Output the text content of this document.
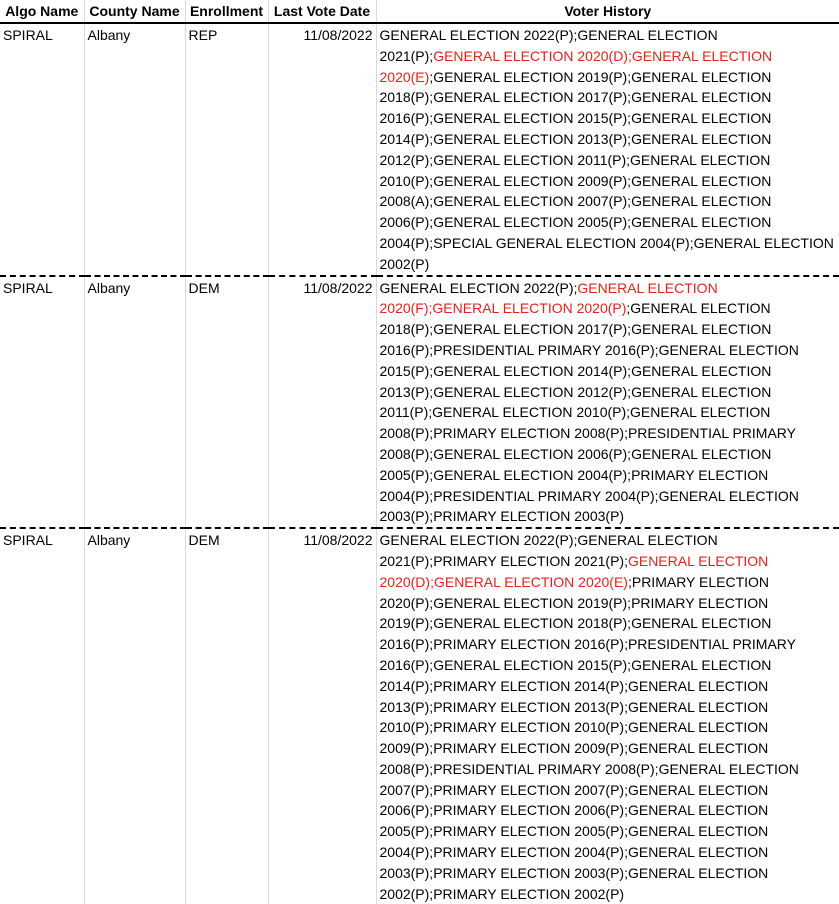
Algo Name	County Name	Enrollment	Last Vote Date	Voter History
SPIRAL	Albany	REP	11/08/2022	GENERAL ELECTION 2022(P);GENERAL ELECTION 2021(P);GENERAL ELECTION 2020(D);GENERAL ELECTION 2020(E);GENERAL ELECTION 2019(P);GENERAL ELECTION 2018(P);GENERAL ELECTION 2017(P);GENERAL ELECTION 2016(P);GENERAL ELECTION 2015(P);GENERAL ELECTION 2014(P);GENERAL ELECTION 2013(P);GENERAL ELECTION 2012(P);GENERAL ELECTION 2011(P);GENERAL ELECTION 2010(P);GENERAL ELECTION 2009(P);GENERAL ELECTION 2008(A);GENERAL ELECTION 2007(P);GENERAL ELECTION 2006(P);GENERAL ELECTION 2005(P);GENERAL ELECTION 2004(P);SPECIAL GENERAL ELECTION 2004(P);GENERAL ELECTION 2002(P)
SPIRAL	Albany	DEM	11/08/2022	GENERAL ELECTION 2022(P);GENERAL ELECTION 2020(F);GENERAL ELECTION 2020(P);GENERAL ELECTION 2018(P);GENERAL ELECTION 2017(P);GENERAL ELECTION 2016(P);PRESIDENTIAL PRIMARY 2016(P);GENERAL ELECTION 2015(P);GENERAL ELECTION 2014(P);GENERAL ELECTION 2013(P);GENERAL ELECTION 2012(P);GENERAL ELECTION 2011(P);GENERAL ELECTION 2010(P);GENERAL ELECTION 2008(P);PRIMARY ELECTION 2008(P);PRESIDENTIAL PRIMARY 2008(P);GENERAL ELECTION 2006(P);GENERAL ELECTION 2005(P);GENERAL ELECTION 2004(P);PRIMARY ELECTION 2004(P);PRESIDENTIAL PRIMARY 2004(P);GENERAL ELECTION 2003(P);PRIMARY ELECTION 2003(P)
SPIRAL	Albany	DEM	11/08/2022	GENERAL ELECTION 2022(P);GENERAL ELECTION 2021(P);PRIMARY ELECTION 2021(P);GENERAL ELECTION 2020(D);GENERAL ELECTION 2020(E);PRIMARY ELECTION 2020(P);GENERAL ELECTION 2019(P);PRIMARY ELECTION 2019(P);GENERAL ELECTION 2018(P);GENERAL ELECTION 2016(P);PRIMARY ELECTION 2016(P);PRESIDENTIAL PRIMARY 2016(P);GENERAL ELECTION 2015(P);GENERAL ELECTION 2014(P);PRIMARY ELECTION 2014(P);GENERAL ELECTION 2013(P);PRIMARY ELECTION 2013(P);GENERAL ELECTION 2010(P);PRIMARY ELECTION 2010(P);GENERAL ELECTION 2009(P);PRIMARY ELECTION 2009(P);GENERAL ELECTION 2008(P);PRESIDENTIAL PRIMARY 2008(P);GENERAL ELECTION 2007(P);PRIMARY ELECTION 2007(P);GENERAL ELECTION 2006(P);PRIMARY ELECTION 2006(P);GENERAL ELECTION 2005(P);PRIMARY ELECTION 2005(P);GENERAL ELECTION 2004(P);PRIMARY ELECTION 2004(P);GENERAL ELECTION 2003(P);PRIMARY ELECTION 2003(P);GENERAL ELECTION 2002(P);PRIMARY ELECTION 2002(P)
